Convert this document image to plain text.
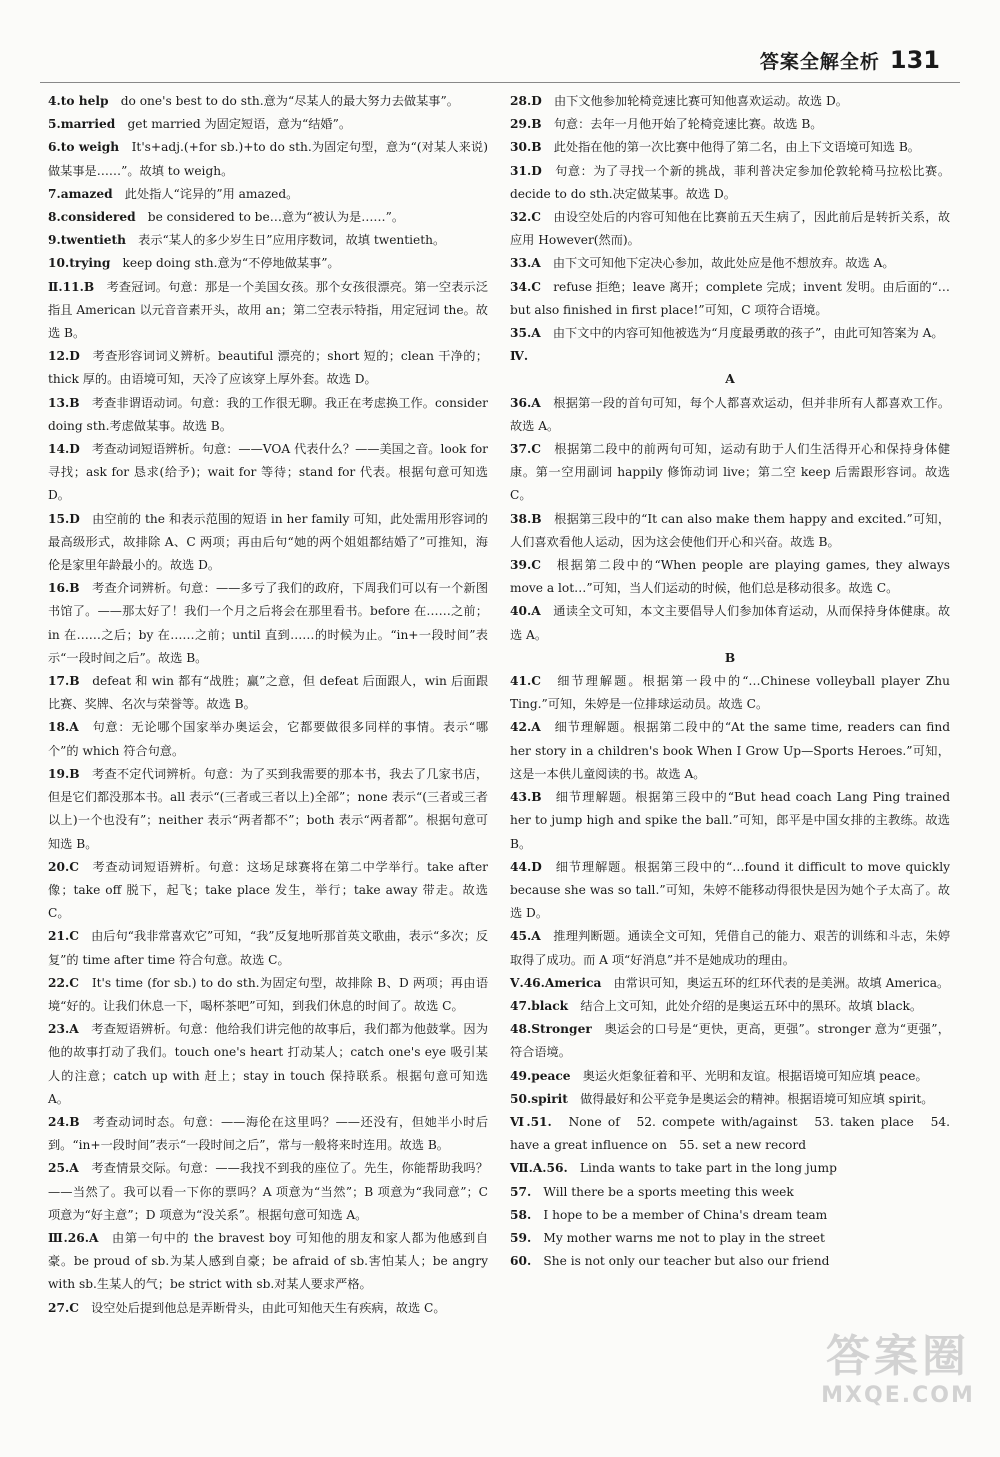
答案全解全析 131

4.to help　 do one's best to do sth.意为“尽某人的最大努力去做某事”。

5.married　 get married 为固定短语，意为“结婚”。

6.to weigh　 It's+adj.(+for sb.)+to do sth.为固定句型，意为“(对某人来说)做某事是……”。故填 to weigh。

7.amazed　 此处指人“诧异的”用 amazed。

8.considered　 be considered to be…意为“被认为是……”。

9.twentieth　 表示“某人的多少岁生日”应用序数词，故填 twentieth。

10.trying　 keep doing sth.意为“不停地做某事”。

Ⅱ.11.B　 考查冠词。句意：那是一个美国女孩。那个女孩很漂亮。第一空表示泛指且 American 以元音音素开头，故用 an；第二空表示特指，用定冠词 the。故选 B。

12.D　 考查形容词词义辨析。beautiful 漂亮的；short 短的；clean 干净的；thick 厚的。由语境可知，天冷了应该穿上厚外套。故选 D。

13.B　 考查非谓语动词。句意：我的工作很无聊。我正在考虑换工作。consider doing sth.考虑做某事。故选 B。

14.D　 考查动词短语辨析。句意：——VOA 代表什么？——美国之音。look for 寻找；ask for 恳求(给予)；wait for 等待；stand for 代表。根据句意可知选 D。

15.D　 由空前的 the 和表示范围的短语 in her family 可知，此处需用形容词的最高级形式，故排除 A、C 两项；再由后句“她的两个姐姐都结婚了”可推知，海伦是家里年龄最小的。故选 D。

16.B　 考查介词辨析。句意：——多亏了我们的政府，下周我们可以有一个新图书馆了。——那太好了！我们一个月之后将会在那里看书。before 在……之前；in 在……之后；by 在……之前；until 直到……的时候为止。“in+一段时间”表示“一段时间之后”。故选 B。

17.B　 defeat 和 win 都有“战胜；赢”之意，但 defeat 后面跟人，win 后面跟比赛、奖牌、名次与荣誉等。故选 B。

18.A　 句意：无论哪个国家举办奥运会，它都要做很多同样的事情。表示“哪个”的 which 符合句意。

19.B　 考查不定代词辨析。句意：为了买到我需要的那本书，我去了几家书店，但是它们都没那本书。all 表示“(三者或三者以上)全部”；none 表示“(三者或三者以上)一个也没有”；neither 表示“两者都不”；both 表示“两者都”。根据句意可知选 B。

20.C　 考查动词短语辨析。句意：这场足球赛将在第二中学举行。take after 像；take off 脱下，起飞；take place 发生，举行；take away 带走。故选 C。

21.C　 由后句“我非常喜欢它”可知，“我”反复地听那首英文歌曲，表示“多次；反复”的 time after time 符合句意。故选 C。

22.C　 It's time (for sb.) to do sth.为固定句型，故排除 B、D 两项；再由语境“好的。让我们休息一下，喝杯茶吧”可知，到我们休息的时间了。故选 C。

23.A　 考查短语辨析。句意：他给我们讲完他的故事后，我们都为他鼓掌。因为他的故事打动了我们。touch one's heart 打动某人；catch one's eye 吸引某人的注意；catch up with 赶上；stay in touch 保持联系。根据句意可知选 A。

24.B　 考查动词时态。句意：——海伦在这里吗？——还没有，但她半小时后到。“in+一段时间”表示“一段时间之后”，常与一般将来时连用。故选 B。

25.A　 考查情景交际。句意：——我找不到我的座位了。先生，你能帮助我吗？——当然了。我可以看一下你的票吗？A 项意为“当然”；B 项意为“我同意”；C 项意为“好主意”；D 项意为“没关系”。根据句意可知选 A。

Ⅲ.26.A　 由第一句中的 the bravest boy 可知他的朋友和家人都为他感到自豪。be proud of sb.为某人感到自豪；be afraid of sb.害怕某人；be angry with sb.生某人的气；be strict with sb.对某人要求严格。

27.C　 设空处后提到他总是弄断骨头，由此可知他天生有疾病，故选 C。

28.D　 由下文他参加轮椅竞速比赛可知他喜欢运动。故选 D。

29.B　 句意：去年一月他开始了轮椅竞速比赛。故选 B。

30.B　 此处指在他的第一次比赛中他得了第二名，由上下文语境可知选 B。

31.D　 句意：为了寻找一个新的挑战，菲利普决定参加伦敦轮椅马拉松比赛。decide to do sth.决定做某事。故选 D。

32.C　 由设空处后的内容可知他在比赛前五天生病了，因此前后是转折关系，故应用 However(然而)。

33.A　 由下文可知他下定决心参加，故此处应是他不想放弃。故选 A。

34.C　 refuse 拒绝；leave 离开；complete 完成；invent 发明。由后面的“…but also finished in first place!”可知，C 项符合语境。

35.A　 由下文中的内容可知他被选为“月度最勇敢的孩子”，由此可知答案为 A。

Ⅳ.

A

36.A　 根据第一段的首句可知，每个人都喜欢运动，但并非所有人都喜欢工作。故选 A。

37.C　 根据第二段中的前两句可知，运动有助于人们生活得开心和保持身体健康。第一空用副词 happily 修饰动词 live；第二空 keep 后需跟形容词。故选 C。

38.B　 根据第三段中的“It can also make them happy and excited.”可知，人们喜欢看他人运动，因为这会使他们开心和兴奋。故选 B。

39.C　 根据第二段中的“When people are playing games, they always move a lot…”可知，当人们运动的时候，他们总是移动很多。故选 C。

40.A　 通读全文可知，本文主要倡导人们参加体育运动，从而保持身体健康。故选 A。

B

41.C　 细节理解题。根据第一段中的“…Chinese volleyball player Zhu Ting.”可知，朱婷是一位排球运动员。故选 C。

42.A　 细节理解题。根据第二段中的“At the same time, readers can find her story in a children's book When I Grow Up—Sports Heroes.”可知，这是一本供儿童阅读的书。故选 A。

43.B　 细节理解题。根据第三段中的“But head coach Lang Ping trained her to jump high and spike the ball.”可知，郎平是中国女排的主教练。故选 B。

44.D　 细节理解题。根据第三段中的“…found it difficult to move quickly because she was so tall.”可知，朱婷不能移动得很快是因为她个子太高了。故选 D。

45.A　 推理判断题。通读全文可知，凭借自己的能力、艰苦的训练和斗志，朱婷取得了成功。而 A 项“好消息”并不是她成功的理由。

Ⅴ.46.America　 由常识可知，奥运五环的红环代表的是美洲。故填 America。

47.black　 结合上文可知，此处介绍的是奥运五环中的黑环。故填 black。

48.Stronger　 奥运会的口号是“更快，更高，更强”。stronger 意为“更强”，符合语境。

49.peace　 奥运火炬象征着和平、光明和友谊。根据语境可知应填 peace。

50.spirit　 做得最好和公平竞争是奥运会的精神。根据语境可知应填 spirit。

Ⅵ.51.　 None of　52. compete with/against　53. taken place　54. have a great influence on　55. set a new record

Ⅶ.A.56.　 Linda wants to take part in the long jump

57.　 Will there be a sports meeting this week

58.　 I hope to be a member of China's dream team

59.　 My mother warns me not to play in the street

60.　 She is not only our teacher but also our friend

答案圈
MXQE.COM
